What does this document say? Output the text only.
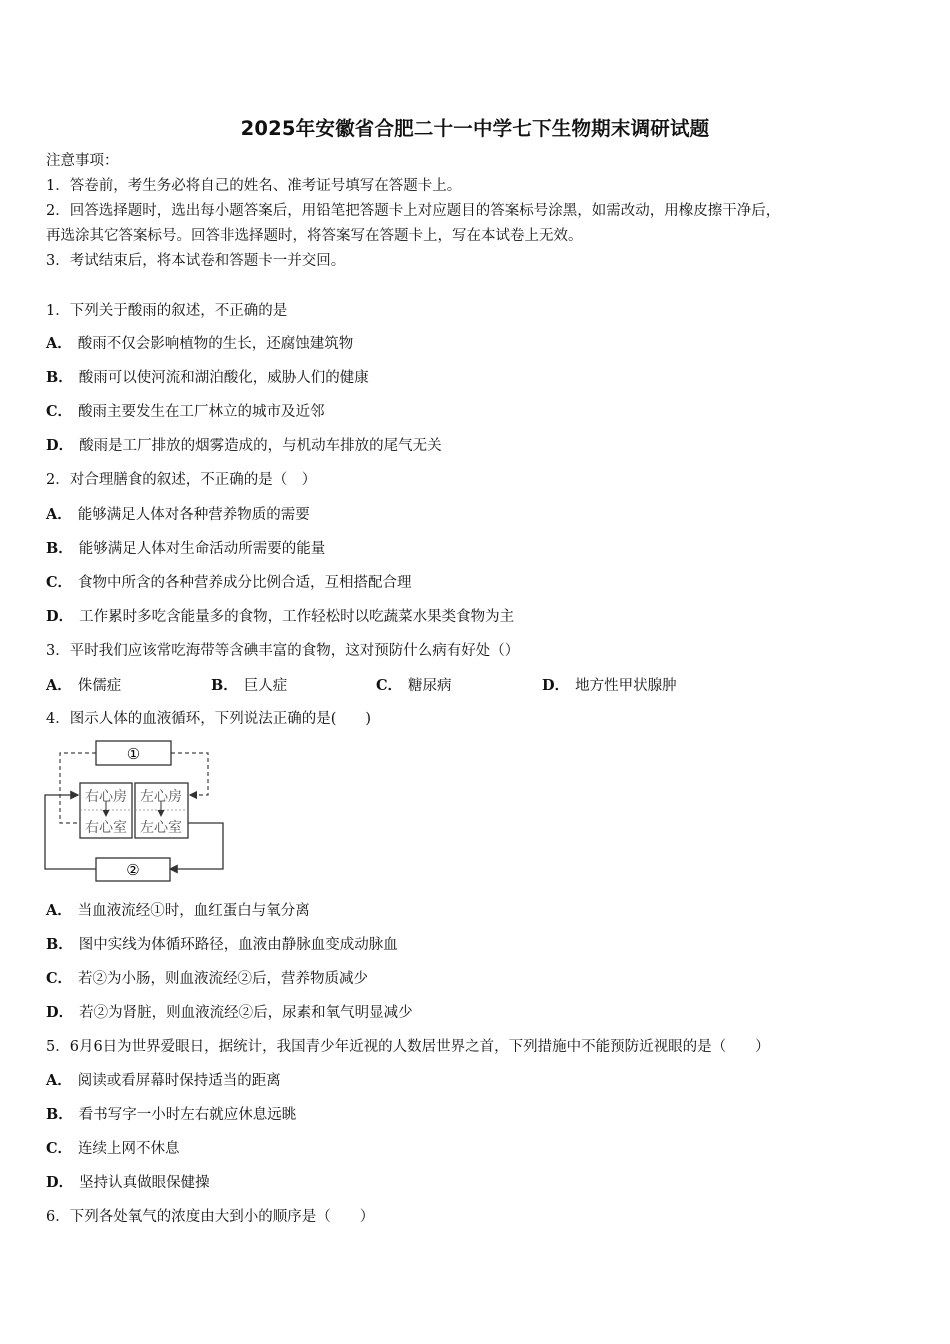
2025年安徽省合肥二十一中学七下生物期末调研试题
注意事项：
1．答卷前，考生务必将自己的姓名、准考证号填写在答题卡上。
2．回答选择题时，选出每小题答案后，用铅笔把答题卡上对应题目的答案标号涂黑，如需改动，用橡皮擦干净后，
再选涂其它答案标号。回答非选择题时，将答案写在答题卡上，写在本试卷上无效。
3．考试结束后，将本试卷和答题卡一并交回。
1．下列关于酸雨的叙述，不正确的是
A． 酸雨不仅会影响植物的生长，还腐蚀建筑物
B． 酸雨可以使河流和湖泊酸化，威胁人们的健康
C． 酸雨主要发生在工厂林立的城市及近邻
D． 酸雨是工厂排放的烟雾造成的，与机动车排放的尾气无关
2．对合理膳食的叙述，不正确的是（　）
A． 能够满足人体对各种营养物质的需要
B． 能够满足人体对生命活动所需要的能量
C． 食物中所含的各种营养成分比例合适，互相搭配合理
D． 工作累时多吃含能量多的食物，工作轻松时以吃蔬菜水果类食物为主
3．平时我们应该常吃海带等含碘丰富的食物，这对预防什么病有好处（）
A． 侏儒症	B． 巨人症	C． 糖尿病	D． 地方性甲状腺肿
4．图示人体的血液循环，下列说法正确的是(　　)
①
右心房 左心房
右心室 左心室
②
A． 当血液流经①时，血红蛋白与氧分离
B． 图中实线为体循环路径，血液由静脉血变成动脉血
C． 若②为小肠，则血液流经②后，营养物质减少
D． 若②为肾脏，则血液流经②后，尿素和氧气明显减少
5．6月6日为世界爱眼日，据统计，我国青少年近视的人数居世界之首，下列措施中不能预防近视眼的是（　　）
A． 阅读或看屏幕时保持适当的距离
B． 看书写字一小时左右就应休息远眺
C． 连续上网不休息
D． 坚持认真做眼保健操
6．下列各处氧气的浓度由大到小的顺序是（　　）
